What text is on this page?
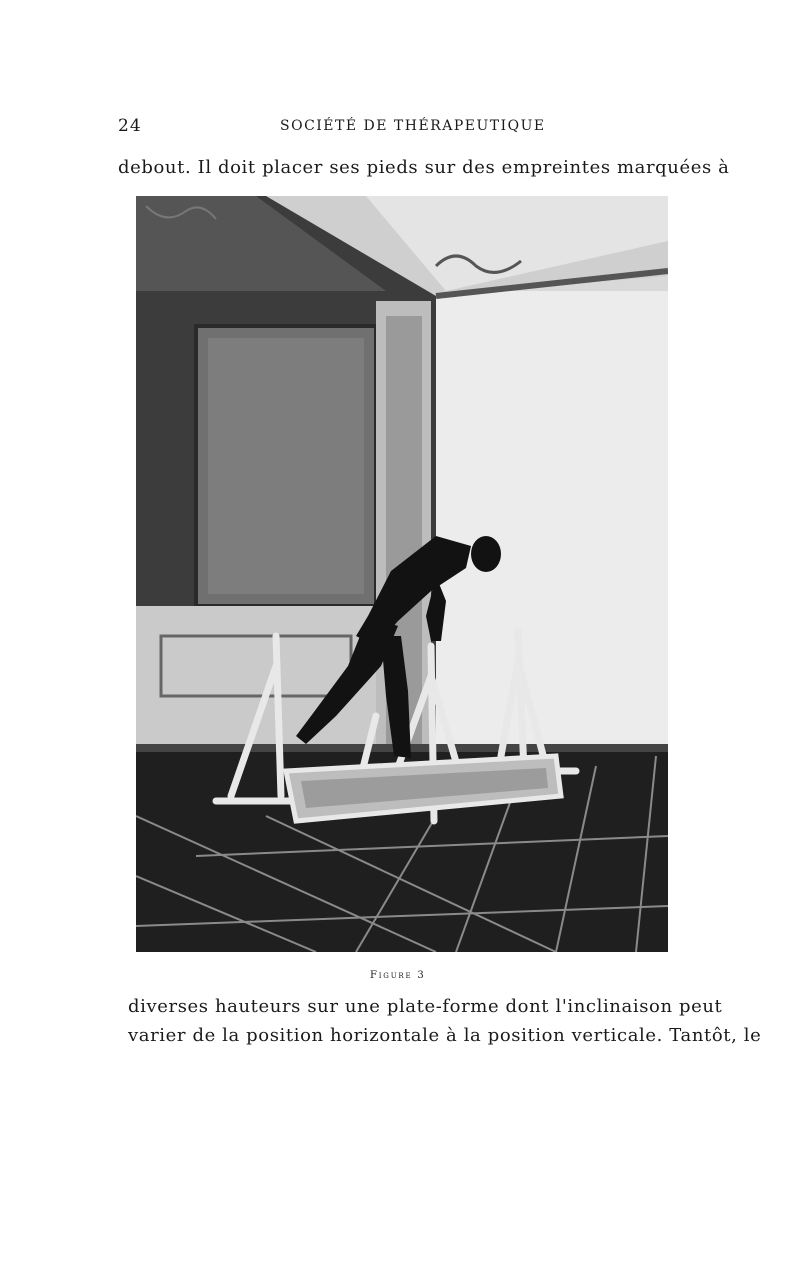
24	SOCIÉTÉ DE THÉRAPEUTIQUE
debout. Il doit placer ses pieds sur des empreintes marquées à
Figure 3
diverses hauteurs sur une plate-forme dont l'inclinaison peut
varier de la position horizontale à la position verticale. Tantôt, le
